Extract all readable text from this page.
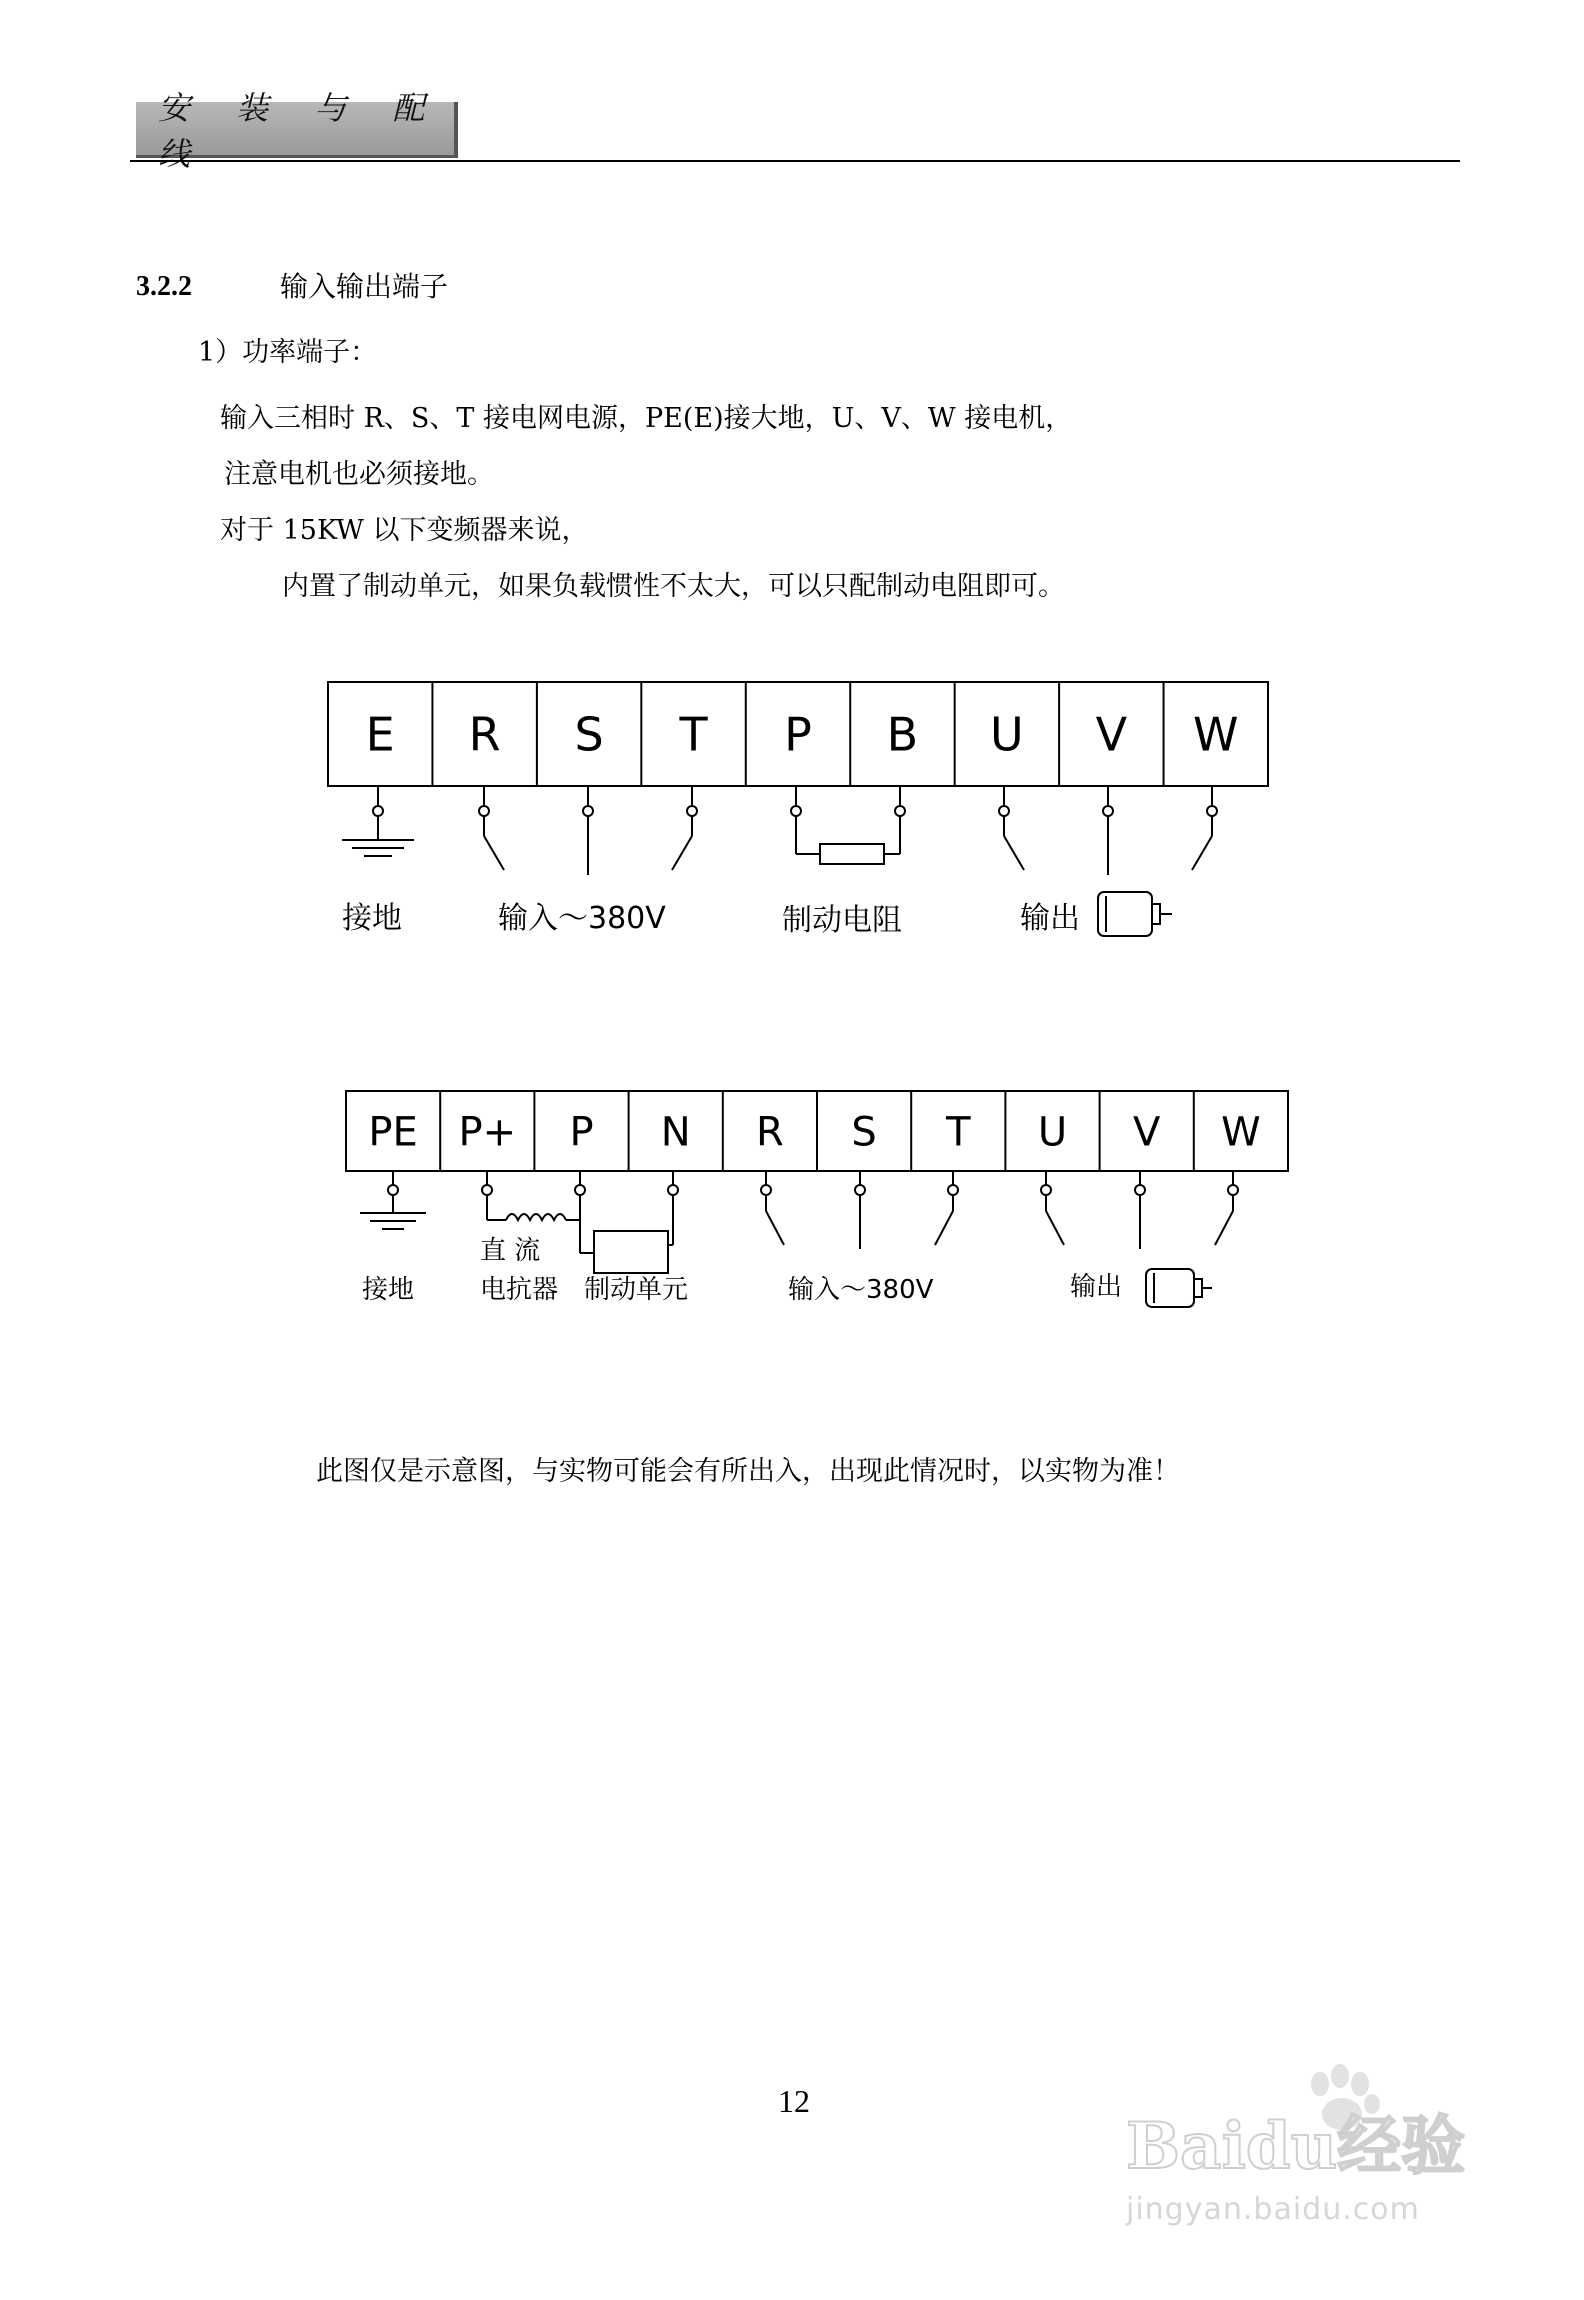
安 装 与 配 线
3.2.2	输入输出端子
1）功率端子：
输入三相时 R、S、T 接电网电源，PE(E)接大地，U、V、W 接电机，
注意电机也必须接地。
对于 15KW 以下变频器来说，
内置了制动单元，如果负载惯性不太大，可以只配制动电阻即可。
E R S T P B U V W
接地	输入～380V	制动电阻	输出
PE P+ P N R S T U V W
接地
直 流
电抗器 制动单元	输入～380V	输出
此图仅是示意图，与实物可能会有所出入，出现此情况时，以实物为准！
12
Baidu经验
jingyan.baidu.com
